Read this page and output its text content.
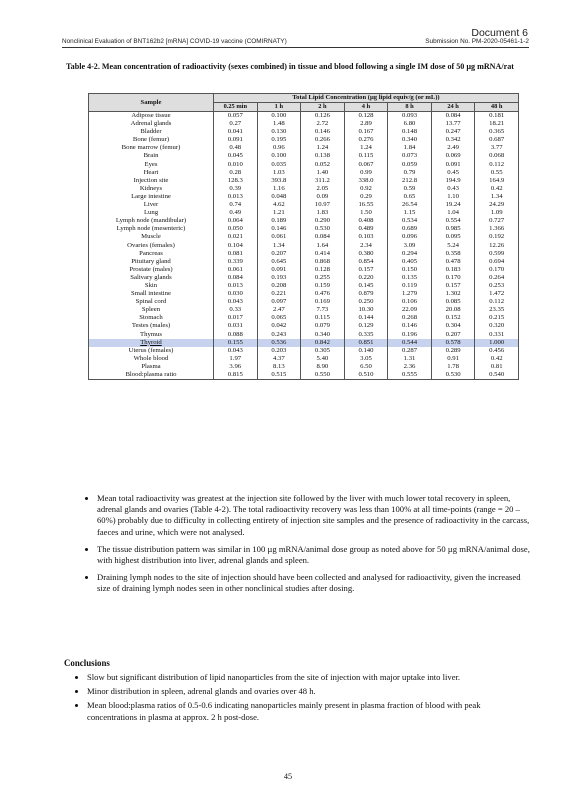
Document 6
Nonclinical Evaluation of BNT162b2 [mRNA] COVID-19 vaccine (COMIRNATY)	Submission No. PM-2020-05461-1-2
Table 4-2. Mean concentration of radioactivity (sexes combined) in tissue and blood following a single IM dose of 50 µg mRNA/rat
Sample	Total Lipid Concentration (µg lipid equiv/g (or mL))						
	0.25 min	1 h	2 h	4 h	8 h	24 h	48 h
Adipose tissue	0.057	0.100	0.126	0.128	0.093	0.084	0.181
Adrenal glands	0.27	1.48	2.72	2.89	6.80	13.77	18.21
Bladder	0.041	0.130	0.146	0.167	0.148	0.247	0.365
Bone (femur)	0.091	0.195	0.266	0.276	0.340	0.342	0.687
Bone marrow (femur)	0.48	0.96	1.24	1.24	1.84	2.49	3.77
Brain	0.045	0.100	0.138	0.115	0.073	0.069	0.068
Eyes	0.010	0.035	0.052	0.067	0.059	0.091	0.112
Heart	0.28	1.03	1.40	0.99	0.79	0.45	0.55
Injection site	128.3	393.8	311.2	338.0	212.8	194.9	164.9
Kidneys	0.39	1.16	2.05	0.92	0.59	0.43	0.42
Large intestine	0.013	0.048	0.09	0.29	0.65	1.10	1.34
Liver	0.74	4.62	10.97	16.55	26.54	19.24	24.29
Lung	0.49	1.21	1.83	1.50	1.15	1.04	1.09
Lymph node (mandibular)	0.064	0.189	0.290	0.408	0.534	0.554	0.727
Lymph node (mesenteric)	0.050	0.146	0.530	0.489	0.689	0.985	1.366
Muscle	0.021	0.061	0.084	0.103	0.096	0.095	0.192
Ovaries (females)	0.104	1.34	1.64	2.34	3.09	5.24	12.26
Pancreas	0.081	0.207	0.414	0.380	0.294	0.358	0.599
Pituitary gland	0.339	0.645	0.868	0.854	0.405	0.478	0.694
Prostate (males)	0.061	0.091	0.128	0.157	0.150	0.183	0.170
Salivary glands	0.084	0.193	0.255	0.220	0.135	0.170	0.264
Skin	0.013	0.208	0.159	0.145	0.119	0.157	0.253
Small intestine	0.030	0.221	0.476	0.879	1.279	1.302	1.472
Spinal cord	0.043	0.097	0.169	0.250	0.106	0.085	0.112
Spleen	0.33	2.47	7.73	10.30	22.09	20.08	23.35
Stomach	0.017	0.065	0.115	0.144	0.268	0.152	0.215
Testes (males)	0.031	0.042	0.079	0.129	0.146	0.304	0.320
Thymus	0.088	0.243	0.340	0.335	0.196	0.207	0.331
Thyroid	0.155	0.536	0.842	0.851	0.544	0.578	1.000
Uterus (females)	0.043	0.203	0.305	0.140	0.287	0.289	0.456
Whole blood	1.97	4.37	5.40	3.05	1.31	0.91	0.42
Plasma	3.96	8.13	8.90	6.50	2.36	1.78	0.81
Blood:plasma ratio	0.815	0.515	0.550	0.510	0.555	0.530	0.540
• Mean total radioactivity was greatest at the injection site followed by the liver with much lower total recovery in spleen, adrenal glands and ovaries (Table 4-2). The total radioactivity recovery was less than 100% at all time-points (range = 20 – 60%) probably due to difficulty in collecting entirety of injection site samples and the presence of radioactivity in the carcass, faeces and urine, which were not analysed.
• The tissue distribution pattern was similar in 100 µg mRNA/animal dose group as noted above for 50 µg mRNA/animal dose, with highest distribution into liver, adrenal glands and spleen.
• Draining lymph nodes to the site of injection should have been collected and analysed for radioactivity, given the increased size of draining lymph nodes seen in other nonclinical studies after dosing.
Conclusions
• Slow but significant distribution of lipid nanoparticles from the site of injection with major uptake into liver.
• Minor distribution in spleen, adrenal glands and ovaries over 48 h.
• Mean blood:plasma ratios of 0.5-0.6 indicating nanoparticles mainly present in plasma fraction of blood with peak concentrations in plasma at approx. 2 h post-dose.
45
